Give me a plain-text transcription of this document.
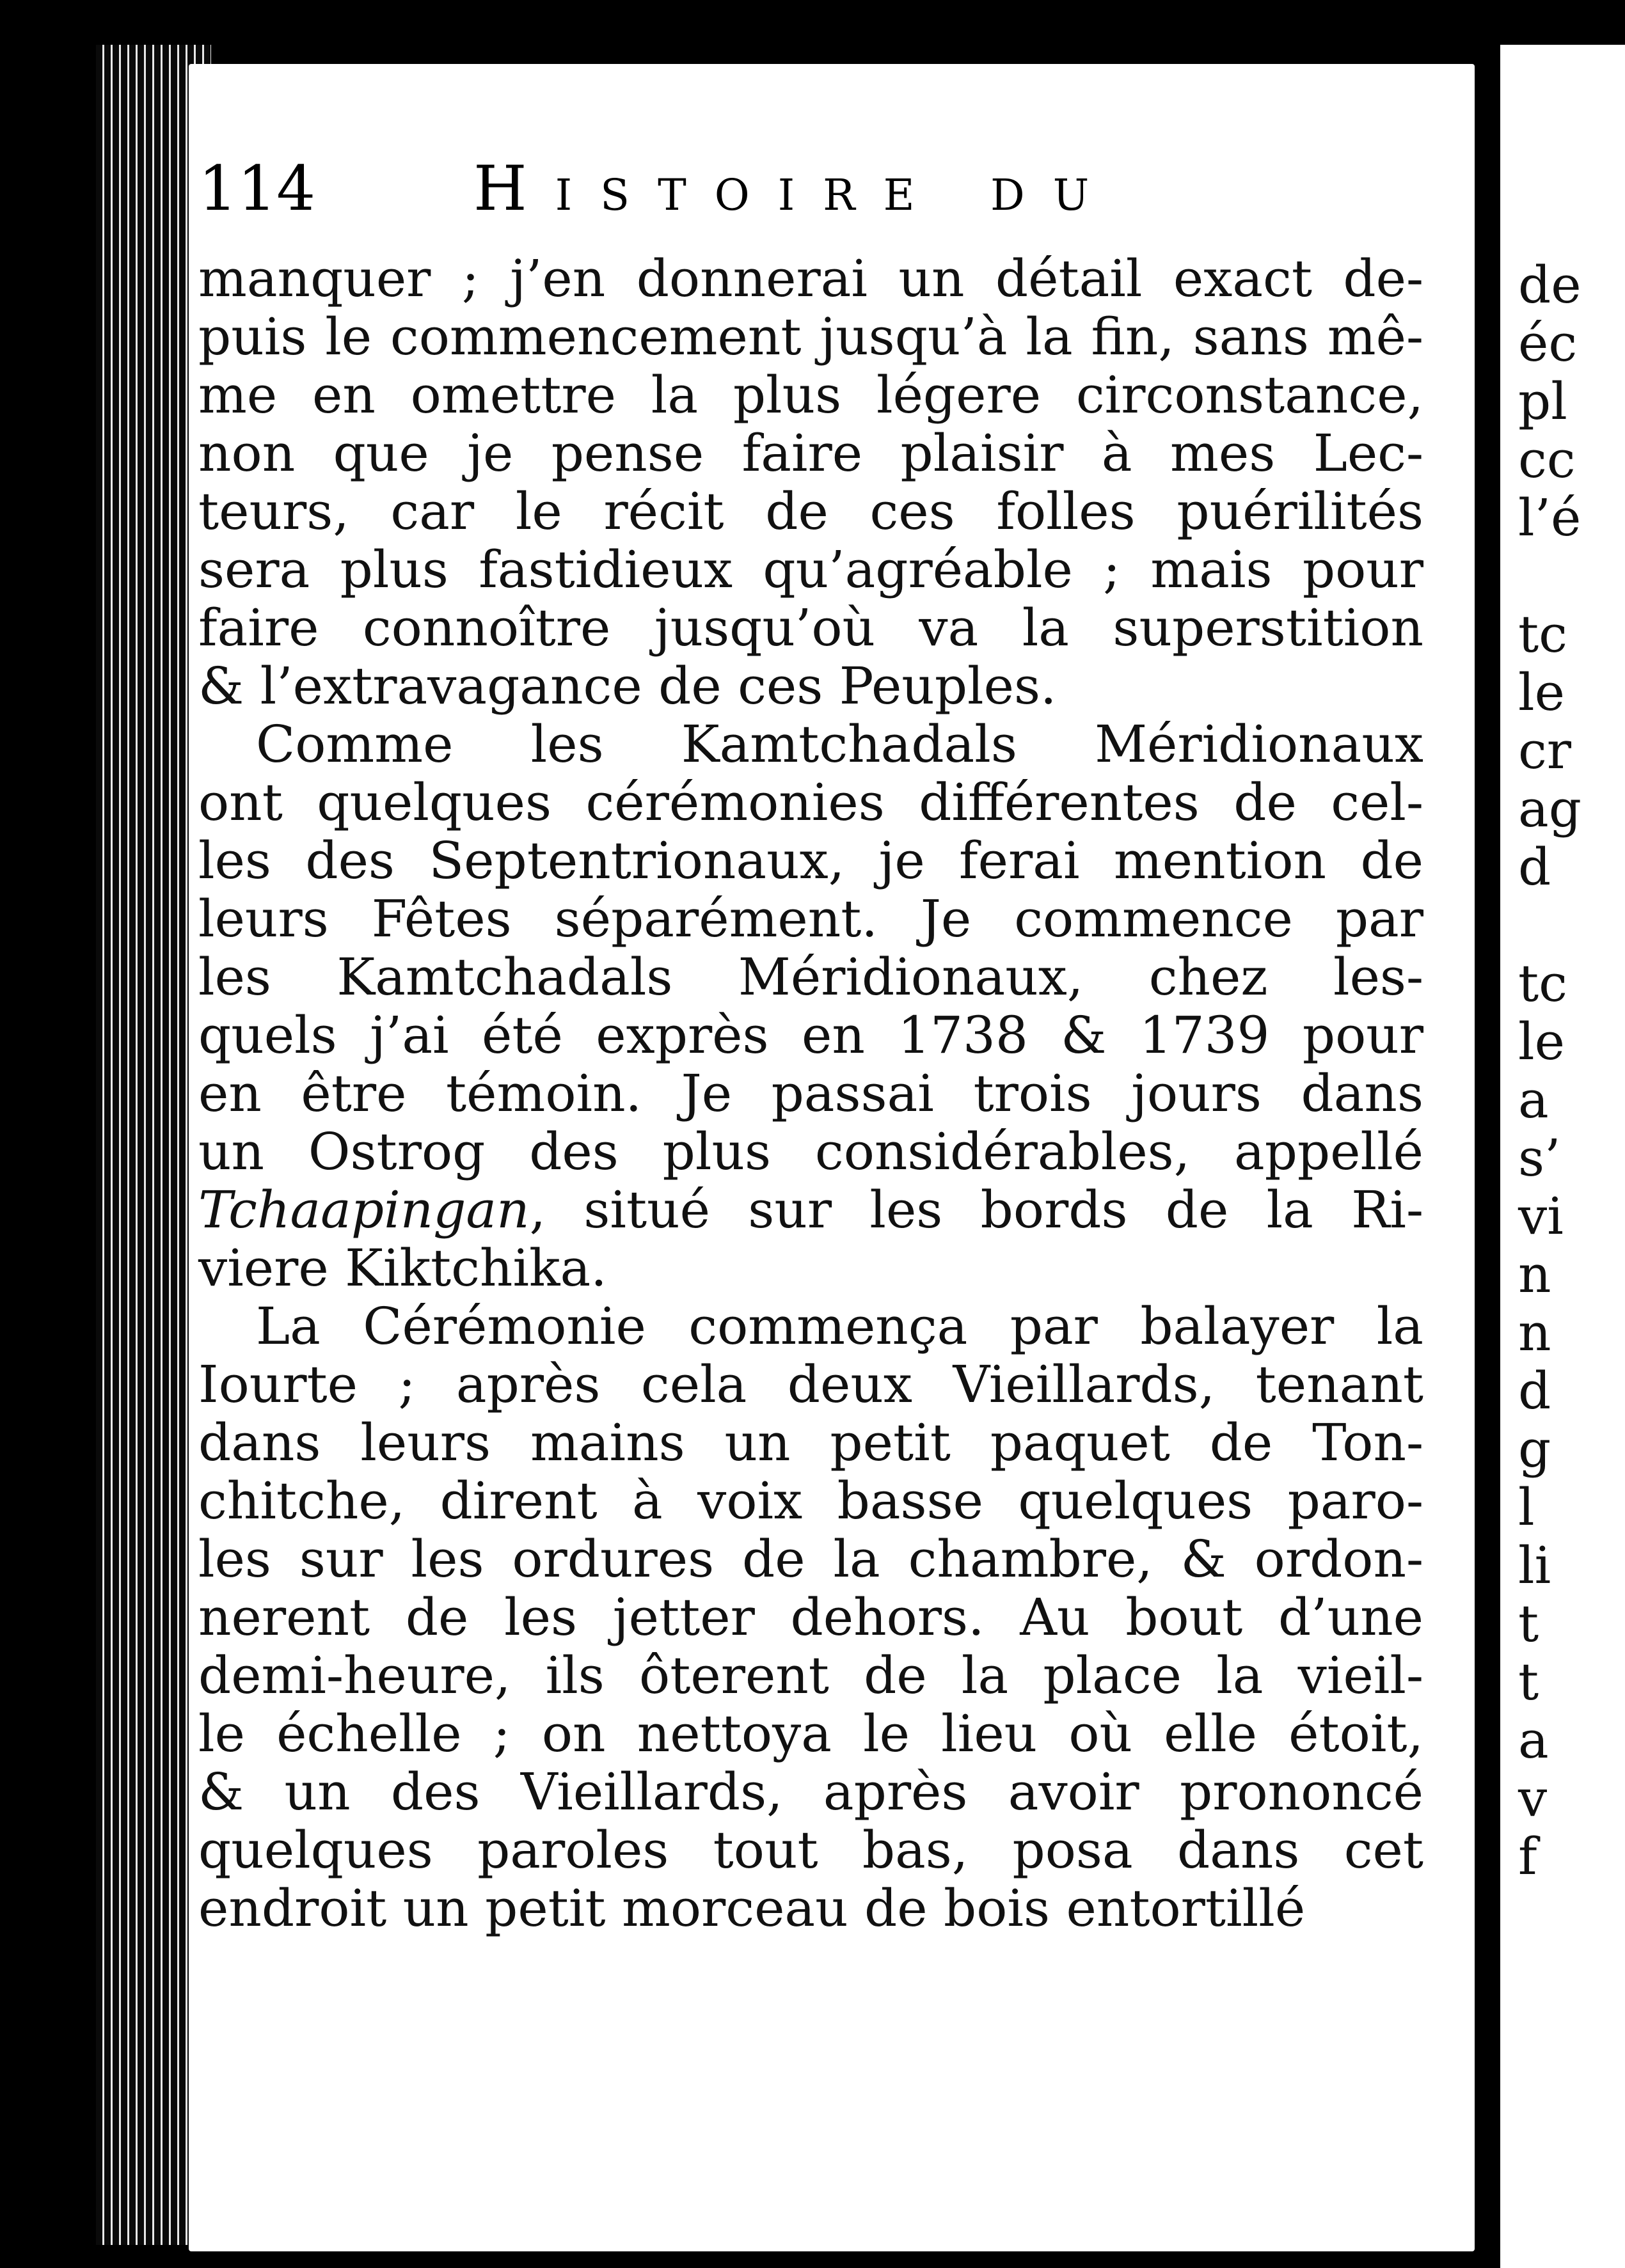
de
éc
pl
cc
l’é
tc
le
cr
ag
d
tc
le
a
s’
vi
n
n
d
g
l
li
t
t
a
v
f
114	Histoire du
manquer ; j’en donnerai un détail exact de-
puis le commencement jusqu’à la fin, sans mê-
me en omettre la plus légere circonstance,
non que je pense faire plaisir à mes Lec-
teurs, car le récit de ces folles puérilités
sera plus fastidieux qu’agréable ; mais pour
faire connoître jusqu’où va la superstition
& l’extravagance de ces Peuples.
Comme les Kamtchadals Méridionaux
ont quelques cérémonies différentes de cel-
les des Septentrionaux, je ferai mention de
leurs Fêtes séparément. Je commence par
les Kamtchadals Méridionaux, chez les-
quels j’ai été exprès en 1738 & 1739 pour
en être témoin. Je passai trois jours dans
un Ostrog des plus considérables, appellé
Tchaapingan, situé sur les bords de la Ri-
viere Kiktchika.
La Cérémonie commença par balayer la
Iourte ; après cela deux Vieillards, tenant
dans leurs mains un petit paquet de Ton-
chitche, dirent à voix basse quelques paro-
les sur les ordures de la chambre, & ordon-
nerent de les jetter dehors. Au bout d’une
demi-heure, ils ôterent de la place la vieil-
le échelle ; on nettoya le lieu où elle étoit,
& un des Vieillards, après avoir prononcé
quelques paroles tout bas, posa dans cet
endroit un petit morceau de bois entortillé
